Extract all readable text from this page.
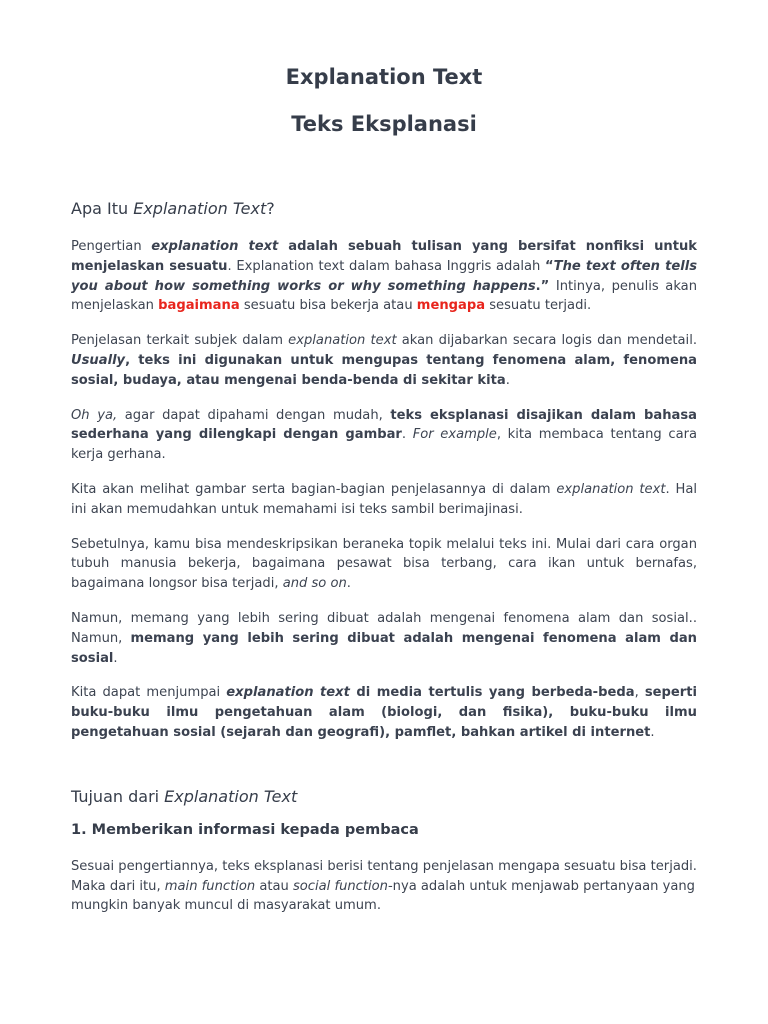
Explanation Text
Teks Eksplanasi
Apa Itu Explanation Text?

Pengertian explanation text adalah sebuah tulisan yang bersifat nonfiksi untuk menjelaskan sesuatu. Explanation text dalam bahasa Inggris adalah “The text often tells you about how something works or why something happens.” Intinya, penulis akan menjelaskan bagaimana sesuatu bisa bekerja atau mengapa sesuatu terjadi.

Penjelasan terkait subjek dalam explanation text akan dijabarkan secara logis dan mendetail. Usually, teks ini digunakan untuk mengupas tentang fenomena alam, fenomena sosial, budaya, atau mengenai benda-benda di sekitar kita.

Oh ya, agar dapat dipahami dengan mudah, teks eksplanasi disajikan dalam bahasa sederhana yang dilengkapi dengan gambar. For example, kita membaca tentang cara kerja gerhana.

Kita akan melihat gambar serta bagian-bagian penjelasannya di dalam explanation text. Hal ini akan memudahkan untuk memahami isi teks sambil berimajinasi.

Sebetulnya, kamu bisa mendeskripsikan beraneka topik melalui teks ini. Mulai dari cara organ tubuh manusia bekerja, bagaimana pesawat bisa terbang, cara ikan untuk bernafas, bagaimana longsor bisa terjadi, and so on.

Namun, memang yang lebih sering dibuat adalah mengenai fenomena alam dan sosial.. Namun, memang yang lebih sering dibuat adalah mengenai fenomena alam dan sosial.

Kita dapat menjumpai explanation text di media tertulis yang berbeda-beda, seperti buku-buku ilmu pengetahuan alam (biologi, dan fisika), buku-buku ilmu pengetahuan sosial (sejarah dan geografi), pamflet, bahkan artikel di internet.

Tujuan dari Explanation Text
1. Memberikan informasi kepada pembaca

Sesuai pengertiannya, teks eksplanasi berisi tentang penjelasan mengapa sesuatu bisa terjadi. Maka dari itu, main function atau social function-nya adalah untuk menjawab pertanyaan yang mungkin banyak muncul di masyarakat umum.
